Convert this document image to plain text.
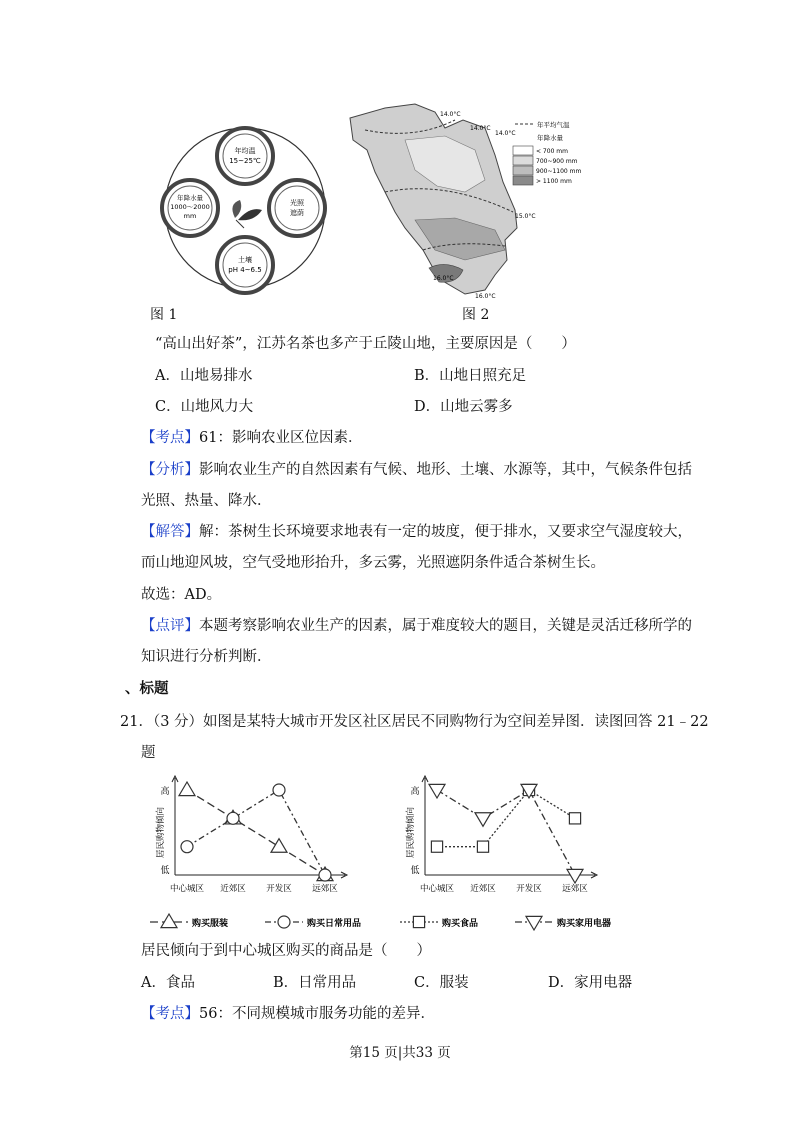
年均温
15~25℃
光照
遮荫
土壤
pH 4~6.5
年降水量
1000～2000
mm
图 1
14.0°C
14.0°C
14.0°C
15.0°C
16.0°C
16.0°C
年平均气温
年降水量
< 700 mm
700~900 mm
900~1100 mm
> 1100 mm
图 2
“高山出好茶”，江苏名茶也多产于丘陵山地，主要原因是（　　）
A．山地易排水	B．山地日照充足
C．山地风力大	D．山地云雾多
【考点】61：影响农业区位因素．
【分析】影响农业生产的自然因素有气候、地形、土壤、水源等，其中，气候条件包括
光照、热量、降水．
【解答】解：茶树生长环境要求地表有一定的坡度，便于排水，又要求空气湿度较大，
而山地迎风坡，空气受地形抬升，多云雾，光照遮阴条件适合茶树生长。
故选：AD。
【点评】本题考察影响农业生产的因素，属于难度较大的题目，关键是灵活迁移所学的
知识进行分析判断．
、标题
21．（3 分）如图是某特大城市开发区社区居民不同购物行为空间差异图．读图回答 21﹣22
题
高
低
居民购物倾向
中心城区 近郊区 开发区 远郊区
购买服装	购买日常用品
高
低
居民购物倾向
中心城区 近郊区 开发区 远郊区
购买食品	购买家用电器
居民倾向于到中心城区购买的商品是（　　）
A．食品	B．日常用品	C．服装	D．家用电器
【考点】56：不同规模城市服务功能的差异．
第15 页|共33 页
